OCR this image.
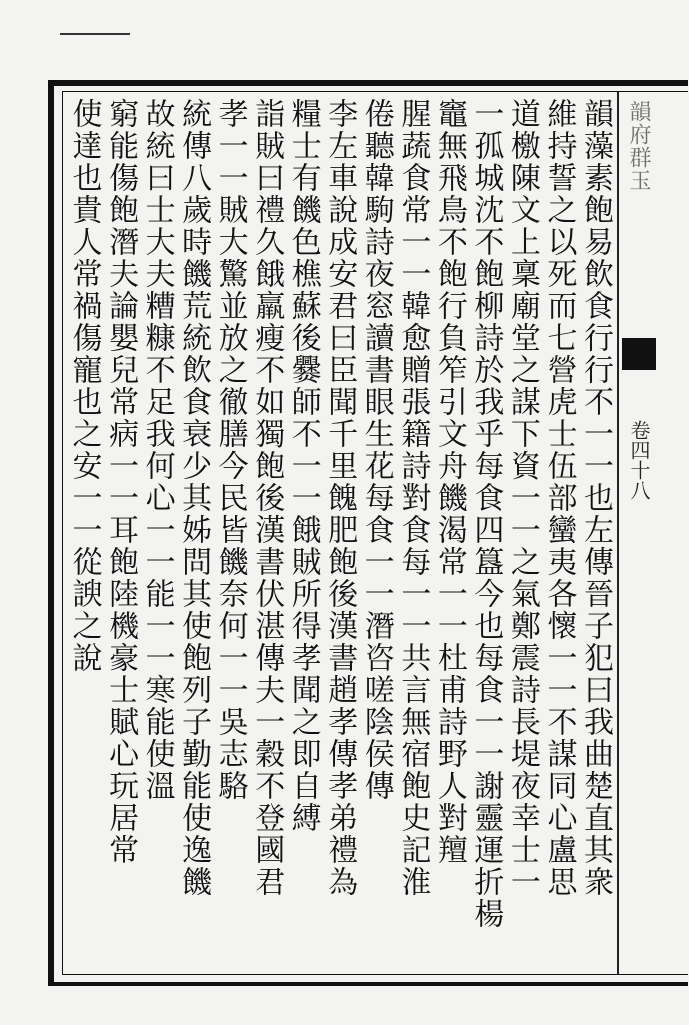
韻府群玉
卷四十八
韻藻素飽易飲食行行不一一也左傳晉子犯曰我曲楚直其衆
維持誓之以死而七營虎士伍部蠻夷各懷一一不謀同心盧思
道檄陳文上稟廟堂之謀下資一一之氣鄭震詩長堤夜幸士一
一孤城沈不飽柳詩於我乎每食四簋今也每食一一謝靈運折楊
竈無飛鳥不飽行負笮引文舟饑渴常一一杜甫詩野人對羶
腥蔬食常一一韓愈贈張籍詩對食每一一共言無宿飽史記淮
倦聽韓駒詩夜窓讀書眼生花每食一一潛咨嗟陰侯傳
李左車說成安君曰臣聞千里餽肥飽後漢書趙孝傳孝弟禮為
糧士有饑色樵蘇後爨師不一一餓賊所得孝聞之即自縛
詣賊曰禮久餓羸瘦不如獨飽後漢書伏湛傳夫一穀不登國君
孝一一賊大驚並放之徹膳今民皆饑奈何一一吳志駱
統傳八歲時饑荒統飲食衰少其姊問其使飽列子勤能使逸饑
故統曰士大夫糟糠不足我何心一一能一一寒能使溫
窮能傷飽潛夫論嬰兒常病一一耳飽陸機豪士賦心玩居常
使達也貴人常禍傷寵也之安一一從諛之說
